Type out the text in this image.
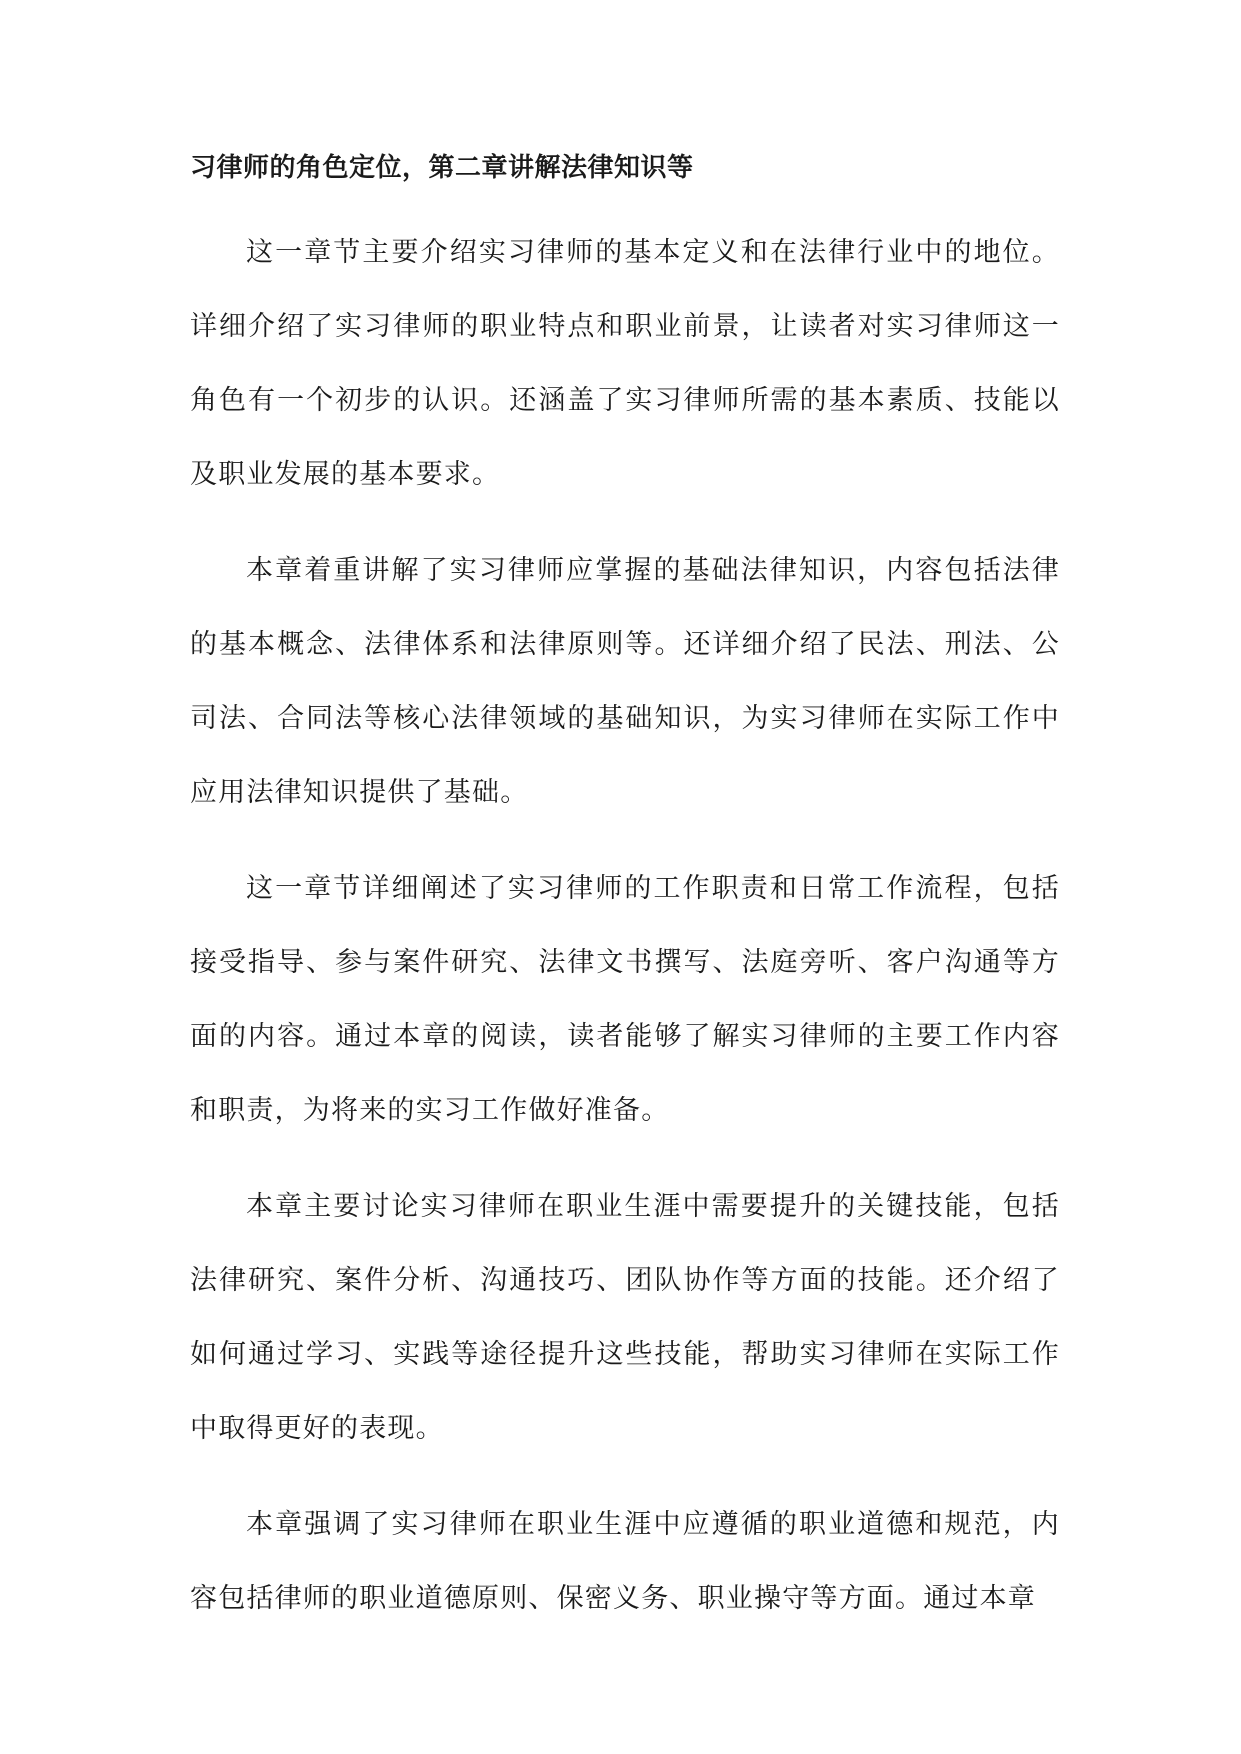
习律师的角色定位，第二章讲解法律知识等

这一章节主要介绍实习律师的基本定义和在法律行业中的地位。详细介绍了实习律师的职业特点和职业前景，让读者对实习律师这一角色有一个初步的认识。还涵盖了实习律师所需的基本素质、技能以及职业发展的基本要求。

本章着重讲解了实习律师应掌握的基础法律知识，内容包括法律的基本概念、法律体系和法律原则等。还详细介绍了民法、刑法、公司法、合同法等核心法律领域的基础知识，为实习律师在实际工作中应用法律知识提供了基础。

这一章节详细阐述了实习律师的工作职责和日常工作流程，包括接受指导、参与案件研究、法律文书撰写、法庭旁听、客户沟通等方面的内容。通过本章的阅读，读者能够了解实习律师的主要工作内容和职责，为将来的实习工作做好准备。

本章主要讨论实习律师在职业生涯中需要提升的关键技能，包括法律研究、案件分析、沟通技巧、团队协作等方面的技能。还介绍了如何通过学习、实践等途径提升这些技能，帮助实习律师在实际工作中取得更好的表现。

本章强调了实习律师在职业生涯中应遵循的职业道德和规范，内容包括律师的职业道德原则、保密义务、职业操守等方面。通过本章
